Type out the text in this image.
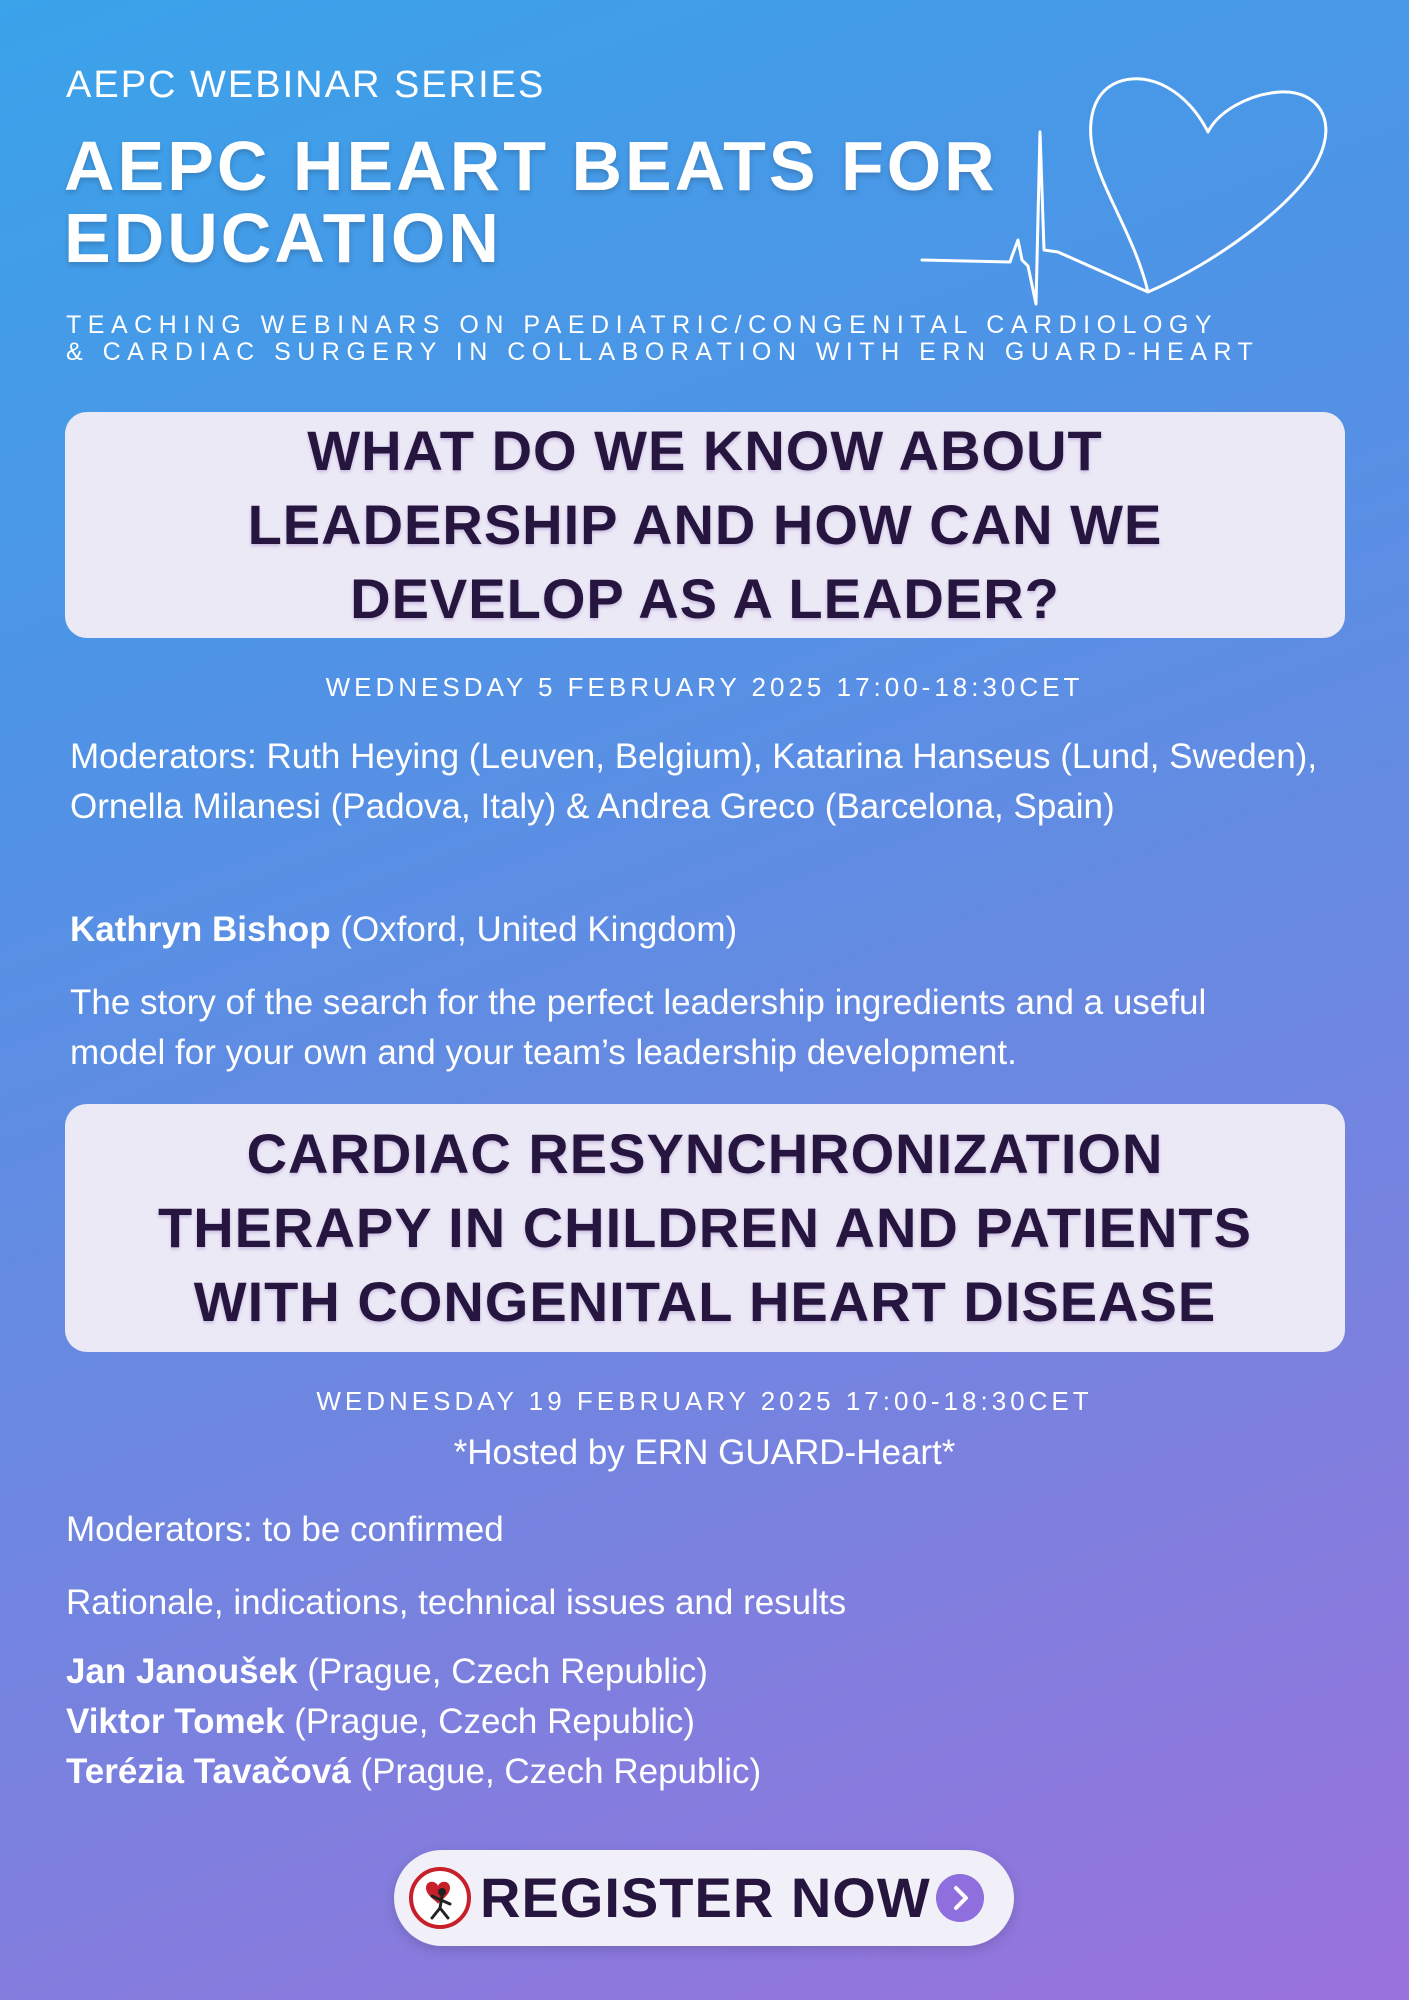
AEPC WEBINAR SERIES
AEPC HEART BEATS FOR EDUCATION
TEACHING WEBINARS ON PAEDIATRIC/CONGENITAL CARDIOLOGY
& CARDIAC SURGERY IN COLLABORATION WITH ERN GUARD-HEART
WHAT DO WE KNOW ABOUT
LEADERSHIP AND HOW CAN WE
DEVELOP AS A LEADER?
WEDNESDAY 5 FEBRUARY 2025 17:00-18:30CET
Moderators: Ruth Heying (Leuven, Belgium), Katarina Hanseus (Lund, Sweden), Ornella Milanesi (Padova, Italy) & Andrea Greco (Barcelona, Spain)
Kathryn Bishop (Oxford, United Kingdom)
The story of the search for the perfect leadership ingredients and a useful model for your own and your team’s leadership development.
CARDIAC RESYNCHRONIZATION
THERAPY IN CHILDREN AND PATIENTS
WITH CONGENITAL HEART DISEASE
WEDNESDAY 19 FEBRUARY 2025 17:00-18:30CET
*Hosted by ERN GUARD-Heart*
Moderators: to be confirmed
Rationale, indications, technical issues and results
Jan Janoušek (Prague, Czech Republic)
Viktor Tomek (Prague, Czech Republic)
Terézia Tavačová (Prague, Czech Republic)
REGISTER NOW
